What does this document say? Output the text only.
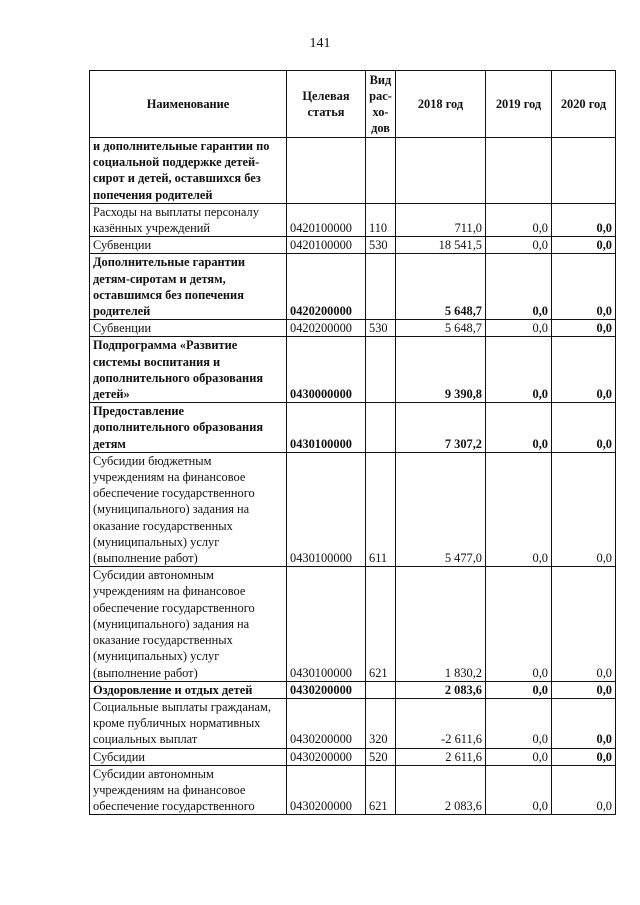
141
Наименование	Целевая статья	Вид рас-хо-дов	2018 год	2019 год	2020 год
и дополнительные гарантии по социальной поддержке детей-сирот и детей, оставшихся без попечения родителей					
Расходы на выплаты персоналу казённых учреждений	0420100000	110	711,0	0,0	0,0
Субвенции	0420100000	530	18 541,5	0,0	0,0
Дополнительные гарантии детям-сиротам и детям, оставшимся без попечения родителей	0420200000		5 648,7	0,0	0,0
Субвенции	0420200000	530	5 648,7	0,0	0,0
Подпрограмма «Развитие системы воспитания и дополнительного образования детей»	0430000000		9 390,8	0,0	0,0
Предоставление дополнительного образования детям	0430100000		7 307,2	0,0	0,0
Субсидии бюджетным учреждениям на финансовое обеспечение государственного (муниципального) задания на оказание государственных (муниципальных) услуг (выполнение работ)	0430100000	611	5 477,0	0,0	0,0
Субсидии автономным учреждениям на финансовое обеспечение государственного (муниципального) задания на оказание государственных (муниципальных) услуг (выполнение работ)	0430100000	621	1 830,2	0,0	0,0
Оздоровление и отдых детей	0430200000		2 083,6	0,0	0,0
Социальные выплаты гражданам, кроме публичных нормативных социальных выплат	0430200000	320	-2 611,6	0,0	0,0
Субсидии	0430200000	520	2 611,6	0,0	0,0
Субсидии автономным учреждениям на финансовое обеспечение государственного	0430200000	621	2 083,6	0,0	0,0
